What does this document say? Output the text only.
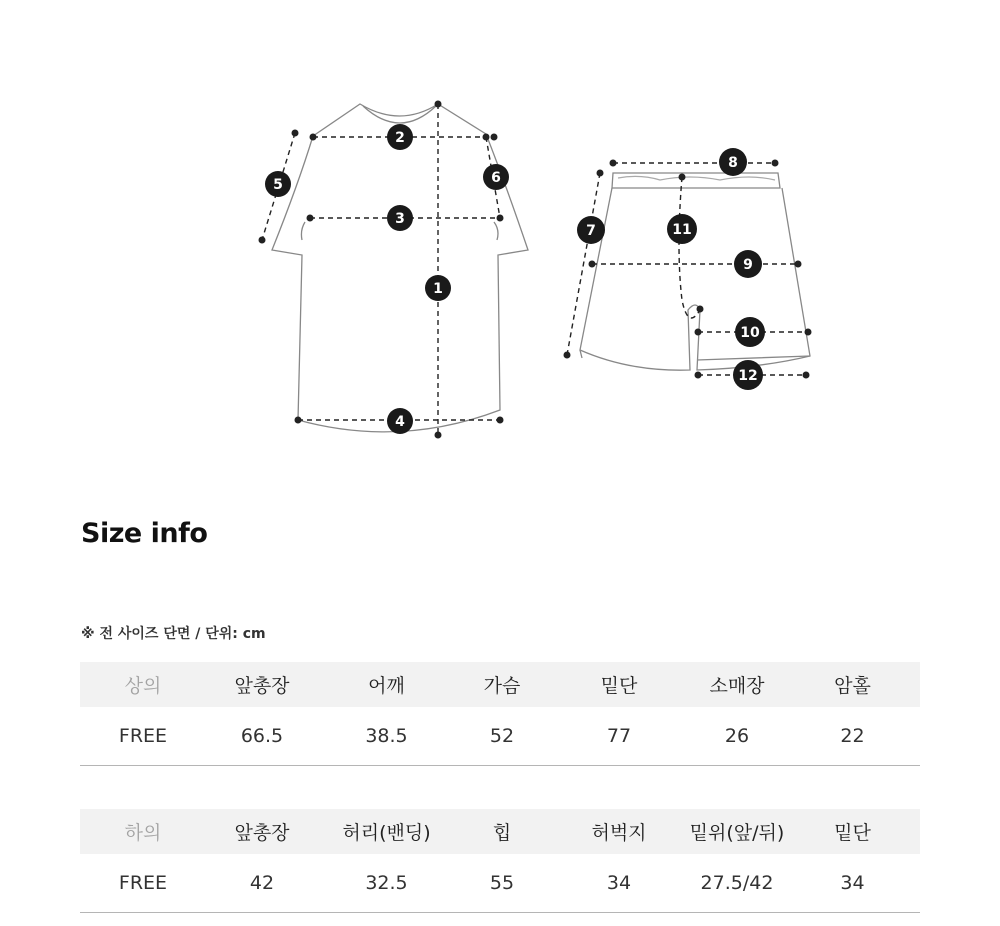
1
2
3
4
5	6
7
8
9
10
11
12
Size info
※ 전 사이즈 단면 / 단위: cm
상의	앞총장	어깨	가슴	밑단	소매장	암홀
FREE	66.5	38.5	52	77	26	22
하의	앞총장	허리(밴딩)	힙	허벅지	밑위(앞/뒤)	밑단
FREE	42	32.5	55	34	27.5/42	34
